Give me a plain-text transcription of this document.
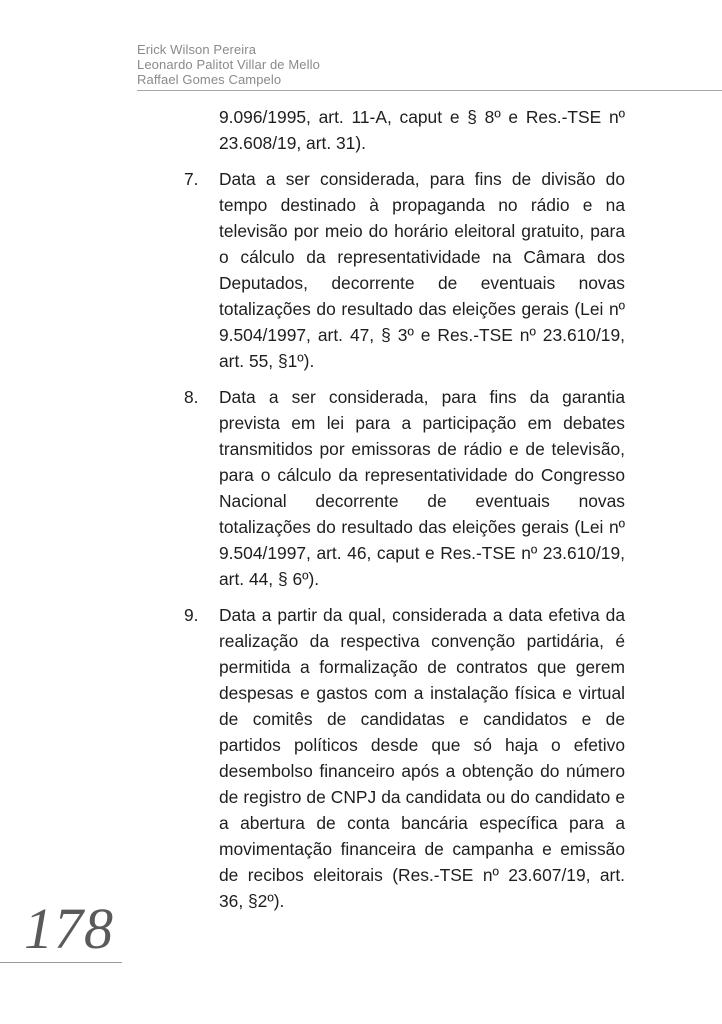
Erick Wilson Pereira
Leonardo Palitot Villar de Mello
Raffael Gomes Campelo
9.096/1995, art. 11-A, caput e § 8º e Res.-TSE nº 23.608/19, art. 31).
7. Data a ser considerada, para fins de divisão do tempo destinado à propaganda no rádio e na televisão por meio do horário eleitoral gratuito, para o cálculo da representatividade na Câmara dos Deputados, decorrente de eventuais novas totalizações do resultado das eleições gerais (Lei nº 9.504/1997, art. 47, § 3º e Res.-TSE nº 23.610/19, art. 55, §1º).
8. Data a ser considerada, para fins da garantia prevista em lei para a participação em debates transmitidos por emissoras de rádio e de televisão, para o cálculo da representatividade do Congresso Nacional decorrente de eventuais novas totalizações do resultado das eleições gerais (Lei nº 9.504/1997, art. 46, caput e Res.-TSE nº 23.610/19, art. 44, § 6º).
9. Data a partir da qual, considerada a data efetiva da realização da respectiva convenção partidária, é permitida a formalização de contratos que gerem despesas e gastos com a instalação física e virtual de comitês de candidatas e candidatos e de partidos políticos desde que só haja o efetivo desembolso financeiro após a obtenção do número de registro de CNPJ da candidata ou do candidato e a abertura de conta bancária específica para a movimentação financeira de campanha e emissão de recibos eleitorais (Res.-TSE nº 23.607/19, art. 36, §2º).
178
